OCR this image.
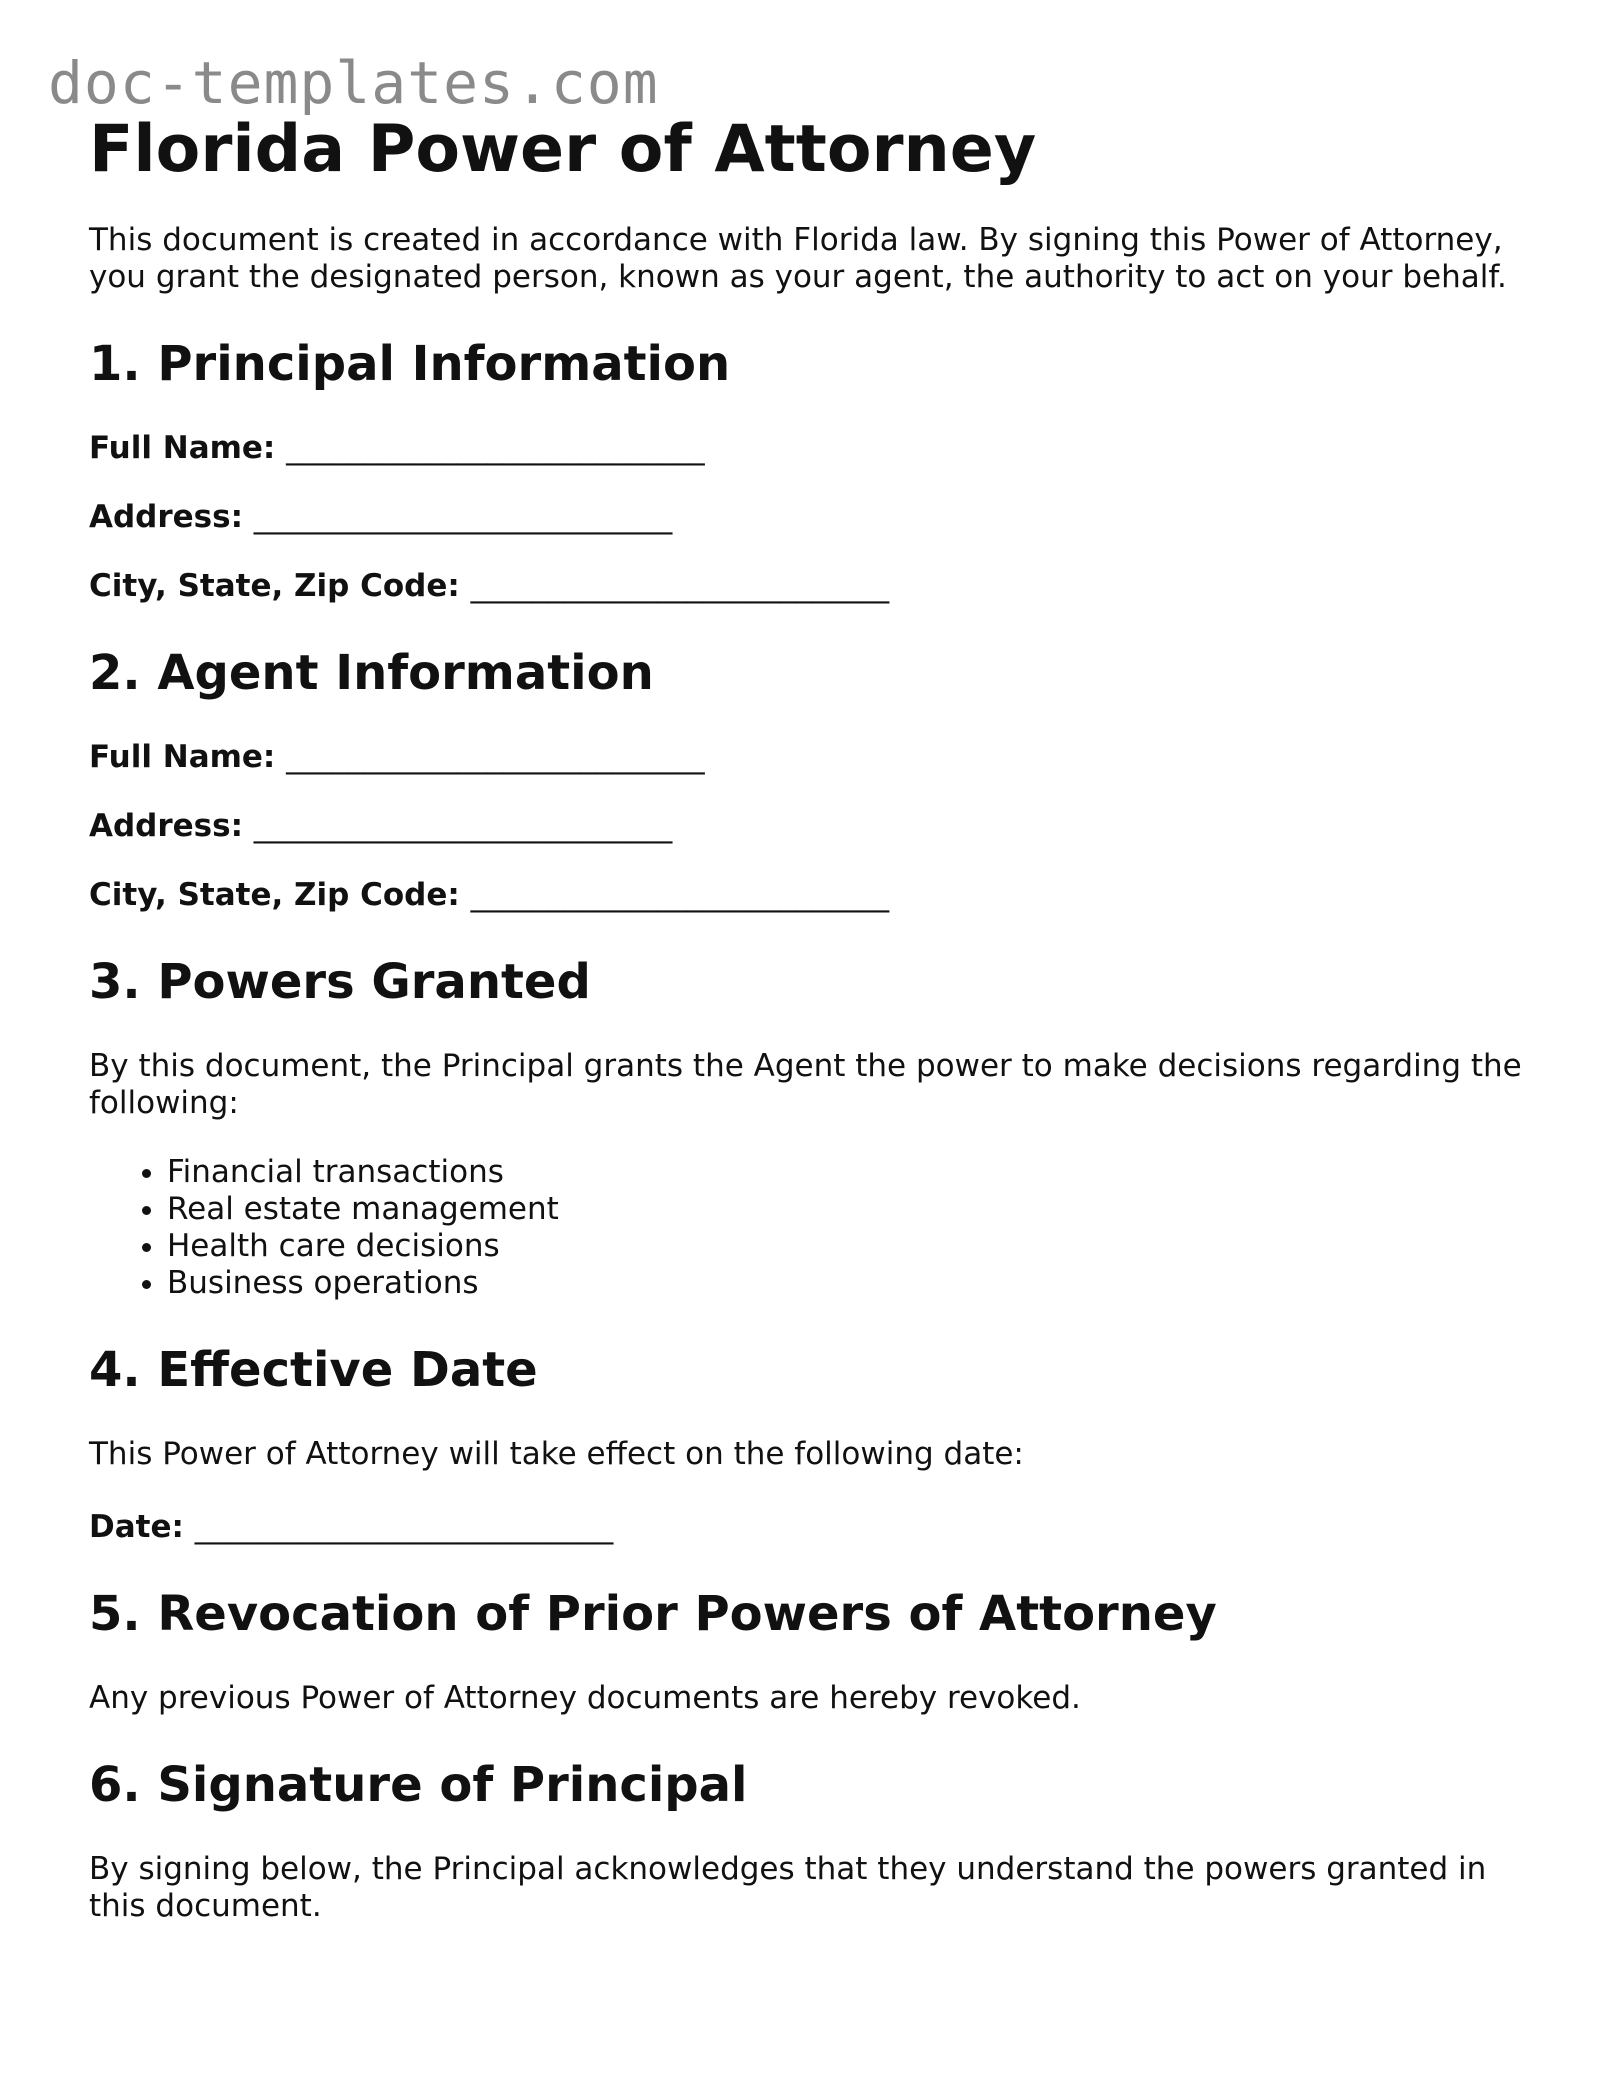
doc-templates.com
Florida Power of Attorney

This document is created in accordance with Florida law. By signing this Power of Attorney, you grant the designated person, known as your agent, the authority to act on your behalf.

1. Principal Information
Full Name: ___________________________
Address: ___________________________
City, State, Zip Code: ___________________________
2. Agent Information
Full Name: ___________________________
Address: ___________________________
City, State, Zip Code: ___________________________
3. Powers Granted

By this document, the Principal grants the Agent the power to make decisions regarding the following:

• Financial transactions
• Real estate management
• Health care decisions
• Business operations
4. Effective Date

This Power of Attorney will take effect on the following date:

Date: ___________________________
5. Revocation of Prior Powers of Attorney

Any previous Power of Attorney documents are hereby revoked.

6. Signature of Principal

By signing below, the Principal acknowledges that they understand the powers granted in this document.
